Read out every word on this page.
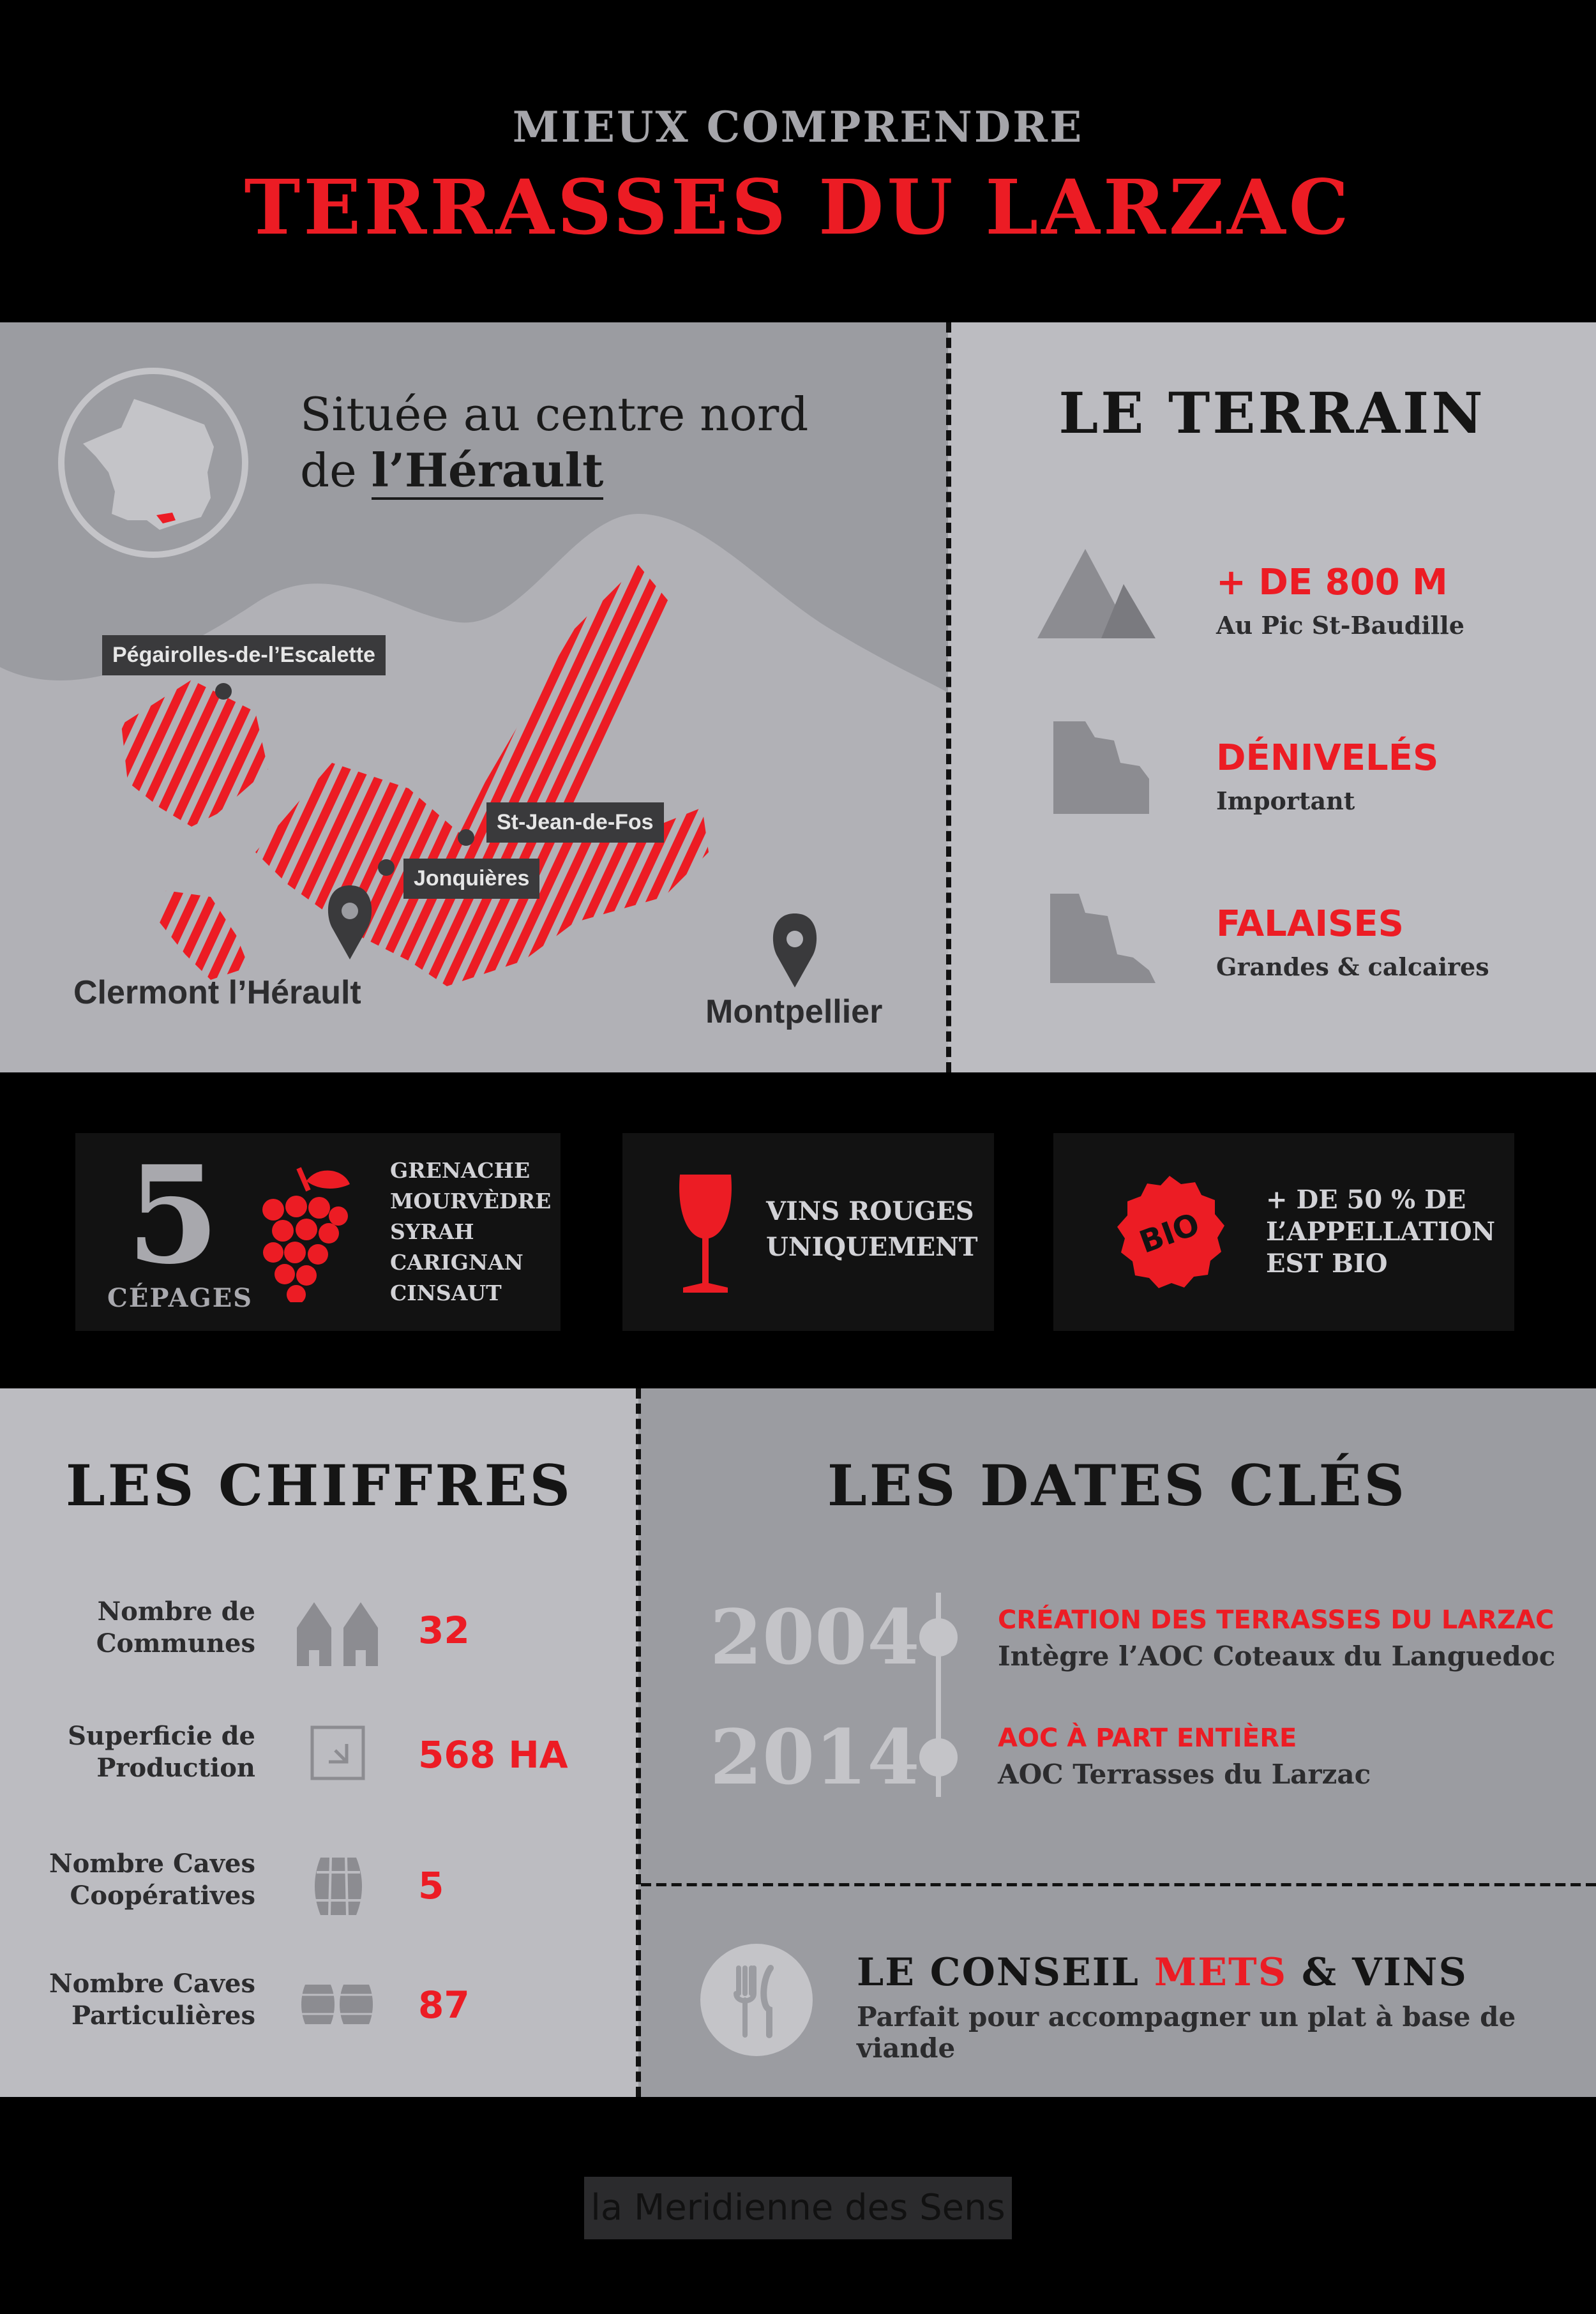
MIEUX COMPRENDRE
TERRASSES DU LARZAC
Située au centre nord
de l’Hérault
Pégairolles-de-l’Escalette
St-Jean-de-Fos
Jonquières
Clermont l’Hérault
Montpellier
LE TERRAIN
+ DE 800 M
Au Pic St-Baudille
DÉNIVELÉS
Important
FALAISES
Grandes & calcaires
5
CÉPAGES
GRENACHE
MOURVÈDRE
SYRAH
CARIGNAN
CINSAUT
VINS ROUGES
UNIQUEMENT	BIO
+ DE 50 % DE
L’APPELLATION
EST BIO
LES CHIFFRES
Nombre de
Communes	32
Superficie de
Production	568 HA
Nombre Caves
Coopératives	5
Nombre Caves
Particulières	87
LES DATES CLÉS
2004	CRÉATION DES TERRASSES DU LARZAC
Intègre l’AOC Coteaux du Languedoc
2014	AOC À PART ENTIÈRE
AOC Terrasses du Larzac
LE CONSEIL METS & VINS
Parfait pour accompagner un plat à base de viande
la Meridienne des Sens
